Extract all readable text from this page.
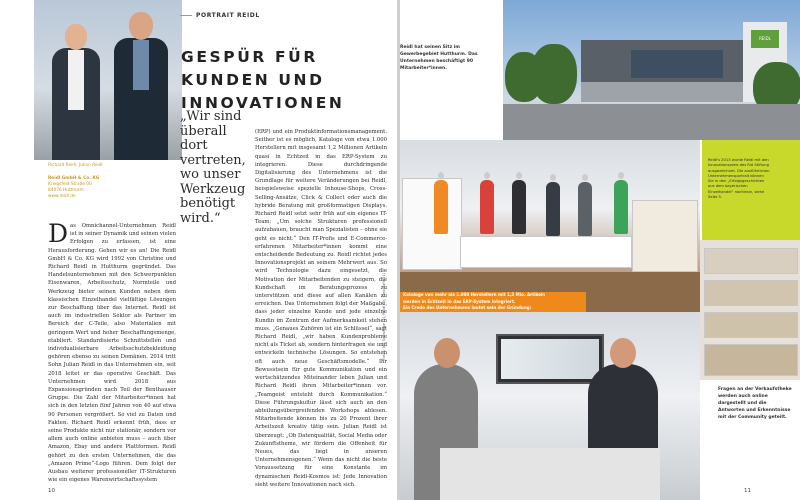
Richard Reidl, Julian Reidl

Reidl GmbH & Co. KG

Kriegsfeld Straße 00

84076 Hutthurm

www.reidl.de

PORTRAIT REIDL
GESPÜR FÜR KUNDEN UND INNOVATIONEN

„Wir sind überall dort vertreten, wo unser Werkzeug benötigt wird.“

Das Omnichannel-Unternehmen Reidl ist in seiner Dynamik und seinen vielen Erfolgen zu erfassen, ist eine Herausforderung. Gehen wir es an! Die Reidl GmbH & Co. KG wird 1992 von Christine und Richard Reidl in Hutthurm gegründet. Das Handelsunternehmen mit den Schwerpunkten Eisenwaren, Arbeitsschutz, Normteile und Werkzeug bieter seinen Kunden neben dem klassischen Einzelhandel vielfältige Lösungen zur Beschaffung über das Internet. Reidl ist auch im industriellen Sektor als Partner im Bereich der C-Teile, also Materialien mit geringem Wert und hoher Beschaffungsmenge, etabliert. Standardisierte Schnittstellen und individualisierbare Arbeitsschutzbekleidung gehören ebenso zu seinen Domänen. 2014 tritt Sohn Julian Reidl in das Unternehmen ein, seit 2018 leitet er das operative Geschäft. Das Unternehmen wird 2018 aus Expansionsgründen nach Teil der Benthauser Gruppe. Die Zahl der Mitarbeiter*innen hat sich in den letzten fünf Jahren von 40 auf etwa 90 Personen vergrößert. So viel zu Daten und Fakten. Richard Reidl erkennt früh, dass er seine Produkte nicht nur stationär, sondern vor allem auch online anbieten muss – auch über Amazon, Ebay und andere Plattformen. Reidl gehört zu den ersten Unternehmen, die das „Amazon Prime“-Logo führen. Dem folgt der Ausbau weiterer professioneller IT-Strukturen wie ein eigenes Warenwirtschaftssystem
(ERP) und ein Produktinformationsmanagement. Seither ist es möglich, Kataloge von etwa 1.000 Herstellern mit insgesamt 1,2 Millionen Artikeln quasi in Echtzeit in das ERP-System zu integrieren. Diese durchdringende Digitalisierung des Unternehmens ist die Grundlage für weitere Veränderungen bei Reidl, beispielsweise spezielle Inhouse-Shops, Cross-Selling-Ansätze, Click & Collect oder auch die hybride Beratung mit großformatigen Displays. Richard Reidl setzt sehr früh auf ein eigenes IT-Team: „Um solche Strukturen professionell aufzubauen, braucht man Spezialisten – ohne sie geht es nicht.“ Den IT-Profis und E-Commerce-erfahrenen Mitarbeiter*innen kommt eine entscheidende Bedeutung zu. Reidl richtet jedes Innovationsprojekt an seinem Mehrwert aus. So wird Technologie dazu eingesetzt, die Motivation der Mitarbeitenden zu steigern, die Kundschaft im Beratungsprozess zu unterstützen und diese auf allen Kanälen zu erreichen. Das Unternehmen folgt der Maßgabe, dass jeder einzelne Kunde und jede einzelne Kundin im Zentrum der Aufmerksamkeit stehen muss. „Genaues Zuhören ist ein Schlüssel“, sagt Richard Reidl, „wir haben Kundenprobleme nicht als Ticket ab, sondern hinterfragen sie und entwickeln technische Lösungen. So entstehen oft auch neue Geschäftsmodelle.“ Ihr Bewusstsein für gute Kommunikation und ein wertschätzendes Miteinander leben Julian und Richard Reidl ihren Mitarbeiter*innen vor. „Teamgeist entsteht durch Kommunikation.“ Diese Führungskultur lässt sich auch an den abteilungsübergreifenden Workshops ablesen. Mitarbeitende können bis zu 20 Prozent ihrer Arbeitszeit kreativ tätig sein. Julian Reidl ist überzeugt: „Ob Datenqualität, Social Media oder Zukunftstheme, wir fördern die Offenheit für Neues, das liegt in unseren Unternehmensgenen.“ Wenn das nicht die beste Voraussetzung für eine Konstante im dynamischen Reidl-Kosmos ist: Jede Innovation sieht weitere Innovationen nach sich.
Fotos: Jan Schwenke (2), Reidl (2), Fotografie (1)
10
REIDL

Reidl hat seinen Sitz im Gewerbegebiet Hutthurm. Das Unternehmen beschäftigt 90 Mitarbeiter*innen.

Kataloge von mehr als 1.000 Herstellern mit 1,2 Mio. Artikeln
werden in Echtzeit in das ERP-System integriert.
Ein Credo des Unternehmens lautet sein der Gründung:

Reidl's 2013 wurde Reidl mit den Innovationspreis des Rid Stiftung ausgezeichnet. Die ausführlichen Unternehmensportrait können Sie in den „Erfolgsgeschichten aus dem bayerischen Einzelhandel“ nachlesin, siehe Seite 5.

Fragen an der Verkaufstheke werden auch online dargestellt und die Antworten und Erkenntnisse mit der Community geteilt.

11
